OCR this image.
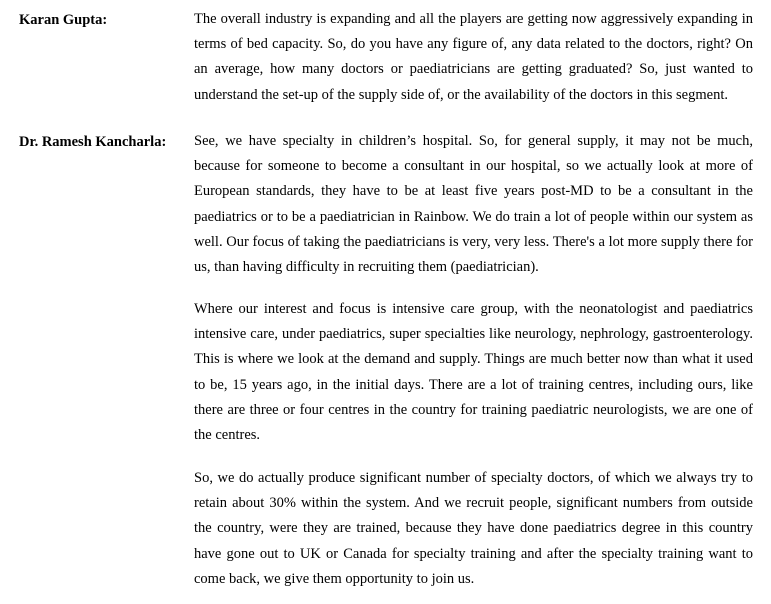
Karan Gupta:	The overall industry is expanding and all the players are getting now aggressively expanding in terms of bed capacity. So, do you have any figure of, any data related to the doctors, right? On an average, how many doctors or paediatricians are getting graduated? So, just wanted to understand the set-up of the supply side of, or the availability of the doctors in this segment.
Dr. Ramesh Kancharla: See, we have specialty in children’s hospital. So, for general supply, it may not be much, because for someone to become a consultant in our hospital, so we actually look at more of European standards, they have to be at least five years post-MD to be a consultant in the paediatrics or to be a paediatrician in Rainbow. We do train a lot of people within our system as well. Our focus of taking the paediatricians is very, very less. There's a lot more supply there for us, than having difficulty in recruiting them (paediatrician).
Where our interest and focus is intensive care group, with the neonatologist and paediatrics intensive care, under paediatrics, super specialties like neurology, nephrology, gastroenterology. This is where we look at the demand and supply. Things are much better now than what it used to be, 15 years ago, in the initial days. There are a lot of training centres, including ours, like there are three or four centres in the country for training paediatric neurologists, we are one of the centres.
So, we do actually produce significant number of specialty doctors, of which we always try to retain about 30% within the system. And we recruit people, significant numbers from outside the country, were they are trained, because they have done paediatrics degree in this country have gone out to UK or Canada for specialty training and after the specialty training want to come back, we give them opportunity to join us.
